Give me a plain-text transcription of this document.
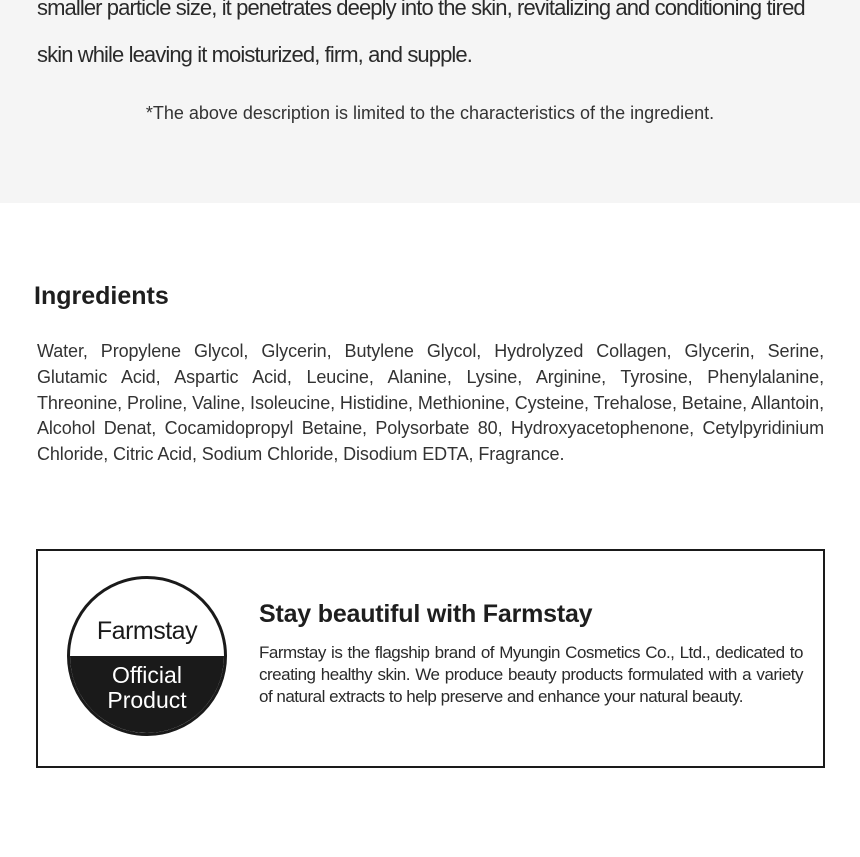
smaller particle size, it penetrates deeply into the skin, revitalizing and conditioning tired skin while leaving it moisturized, firm, and supple.

*The above description is limited to the characteristics of the ingredient.

Ingredients

Water, Propylene Glycol, Glycerin, Butylene Glycol, Hydrolyzed Collagen, Glycerin, Serine, Glutamic Acid, Aspartic Acid, Leucine, Alanine, Lysine, Arginine, Tyrosine, Phenylalanine, Threonine, Proline, Valine, Isoleucine, Histidine, Methionine, Cysteine, Trehalose, Betaine, Allantoin, Alcohol Denat, Cocamidopropyl Betaine, Polysorbate 80, Hydroxyacetophenone, Cetylpyridinium Chloride, Citric Acid, Sodium Chloride, Disodium EDTA, Fragrance.

Farmstay
Official
Product
Stay beautiful with Farmstay

Farmstay is the flagship brand of Myungin Cosmetics Co., Ltd., dedicated to creating healthy skin. We produce beauty products formulated with a variety of natural extracts to help preserve and enhance your natural beauty.
